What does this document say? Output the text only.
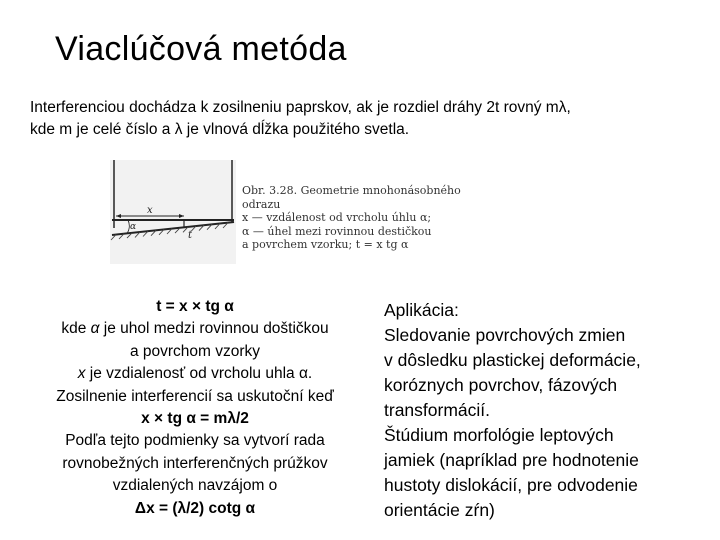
Viaclúčová metóda
Interferenciou dochádza k zosilneniu paprskov, ak je rozdiel dráhy 2t rovný mλ,
kde m je celé číslo a λ je vlnová dĺžka použitého svetla.
x
α
t
Obr. 3.28. Geometrie mnohonásobného
odrazu
x — vzdálenost od vrcholu úhlu α;
α — úhel mezi rovinnou destičkou
a povrchem vzorku; t = x tg α
t = x × tg α
kde α je uhol medzi rovinnou doštičkou
a povrchom vzorky
x je vzdialenosť od vrcholu uhla α.
Zosilnenie interferencií sa uskutoční keď
x × tg α = mλ/2
Podľa tejto podmienky sa vytvorí rada
rovnobežných interferenčných prúžkov
vzdialených navzájom o
Δx = (λ/2) cotg α
Aplikácia:
Sledovanie povrchových zmien
v dôsledku plastickej deformácie,
koróznych povrchov, fázových
transformácií.
Štúdium morfológie leptových
jamiek (napríklad pre hodnotenie
hustoty dislokácií, pre odvodenie
orientácie zŕn)
